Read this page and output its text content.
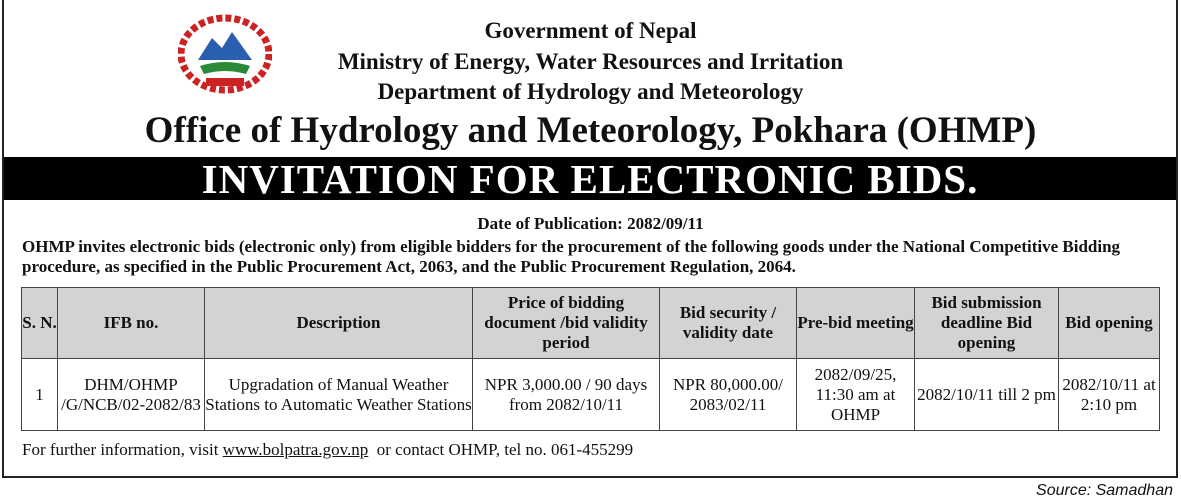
Government of Nepal
Ministry of Energy, Water Resources and Irritation
Department of Hydrology and Meteorology
Office of Hydrology and Meteorology, Pokhara (OHMP)
INVITATION FOR ELECTRONIC BIDS.
Date of Publication: 2082/09/11
OHMP invites electronic bids (electronic only) from eligible bidders for the procurement of the following goods under the National Competitive Bidding procedure, as specified in the Public Procurement Act, 2063, and the Public Procurement Regulation, 2064.
S. N.	IFB no.	Description	Price of bidding document /bid validity period	Bid security / validity date	Pre-bid meeting	Bid submission deadline Bid opening	Bid opening
1	DHM/OHMP /G/NCB/02-2082/83	Upgradation of Manual Weather Stations to Automatic Weather Stations	NPR 3,000.00 / 90 days from 2082/10/11	NPR 80,000.00/ 2083/02/11	2082/09/25, 11:30 am at OHMP	2082/10/11 till 2 pm	2082/10/11 at 2:10 pm
For further information, visit www.bolpatra.gov.np  or contact OHMP, tel no. 061-455299
Source: Samadhan
